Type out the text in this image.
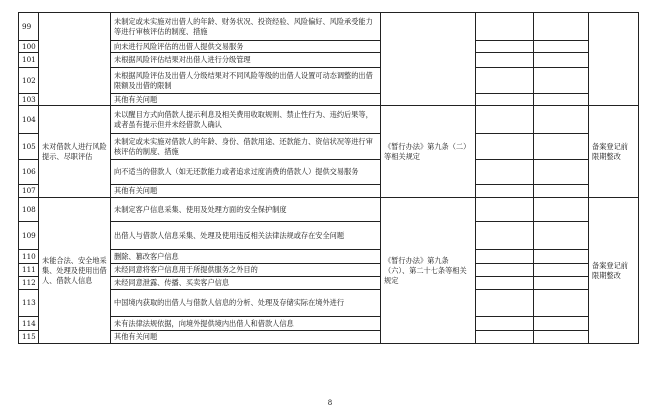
99		未制定或未实施对出借人的年龄、财务状况、投资经验、风险偏好、风险承受能力等进行审核评估的制度、措施				
100		向未进行风险评估的出借人提供交易服务				
101		未根据风险评估结果对出借人进行分级管理				
102		未根据风险评估及出借人分级结果对不同风险等级的出借人设置可动态调整的出借限额及出借的限制				
103		其他有关问题				
104	未对借款人进行风险提示、尽职评估	未以醒目方式向借款人提示利息及相关费用收取规则、禁止性行为、违约后果等，或者虽有提示但并未经借款人确认	《暂行办法》第九条（二）等相关规定			备案登记前限期整改
105		未制定或未实施对借款人的年龄、身份、借款用途、还款能力、资信状况等进行审核评估的制度、措施				
106		向不适当的借款人（如无还款能力或者追求过度消费的借款人）提供交易服务				
107		其他有关问题				
108	未能合法、安全地采集、处理及使用出借人、借款人信息	未制定客户信息采集、使用及处理方面的安全保护制度	《暂行办法》第九条（六）、第二十七条等相关规定			备案登记前限期整改
109		出借人与借款人信息采集、处理及使用违反相关法律法规或存在安全问题				
110		删除、篡改客户信息				
111		未经同意将客户信息用于所提供服务之外目的				
112		未经同意泄露、传播、买卖客户信息				
113		中国境内获取的出借人与借款人信息的分析、处理及存储实际在境外进行				
114		未有法律法规依据，向境外提供境内出借人和借款人信息				
115		其他有关问题				
8
